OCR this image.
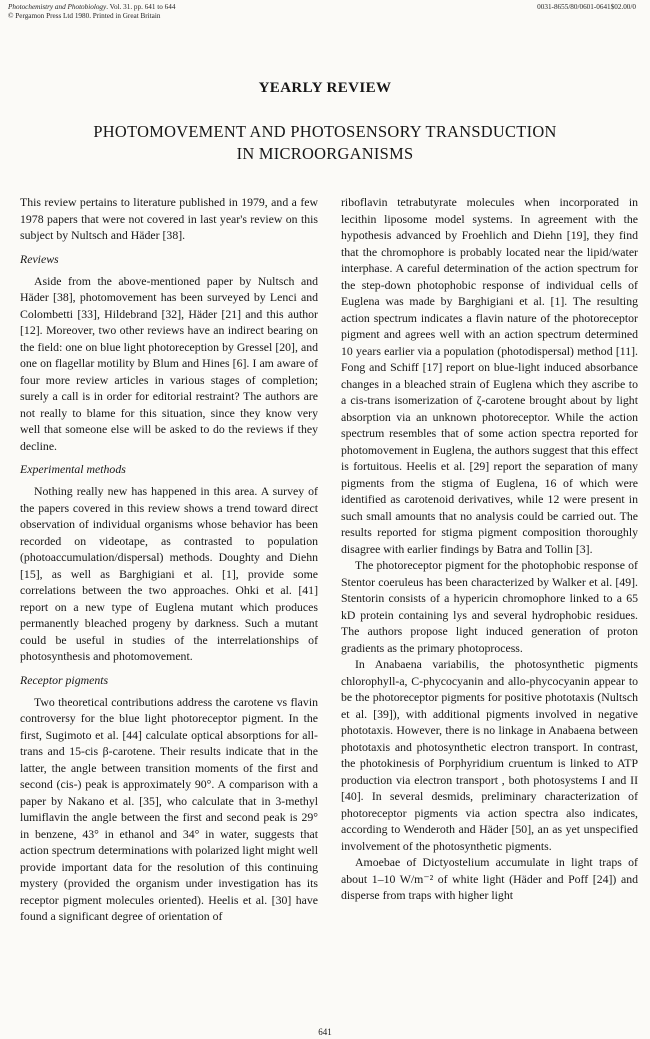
Photochemistry and Photobiology. Vol. 31. pp. 641 to 644
© Pergamon Press Ltd 1980. Printed in Great Britain
0031-8655/80/0601-0641$02.00/0
YEARLY REVIEW
PHOTOMOVEMENT AND PHOTOSENSORY TRANSDUCTION
IN MICROORGANISMS

This review pertains to literature published in 1979, and a few 1978 papers that were not covered in last year's review on this subject by Nultsch and Häder [38].

Reviews

Aside from the above-mentioned paper by Nultsch and Häder [38], photomovement has been surveyed by Lenci and Colombetti [33], Hildebrand [32], Häder [21] and this author [12]. Moreover, two other reviews have an indirect bearing on the field: one on blue light photoreception by Gressel [20], and one on flagellar motility by Blum and Hines [6]. I am aware of four more review articles in various stages of completion; surely a call is in order for editorial restraint? The authors are not really to blame for this situation, since they know very well that someone else will be asked to do the reviews if they decline.

Experimental methods

Nothing really new has happened in this area. A survey of the papers covered in this review shows a trend toward direct observation of individual organisms whose behavior has been recorded on videotape, as contrasted to population (photoaccumulation/dispersal) methods. Doughty and Diehn [15], as well as Barghigiani et al. [1], provide some correlations between the two approaches. Ohki et al. [41] report on a new type of Euglena mutant which produces permanently bleached progeny by darkness. Such a mutant could be useful in studies of the interrelationships of photosynthesis and photomovement.

Receptor pigments

Two theoretical contributions address the carotene vs flavin controversy for the blue light photoreceptor pigment. In the first, Sugimoto et al. [44] calculate optical absorptions for all-trans and 15-cis β-carotene. Their results indicate that in the latter, the angle between transition moments of the first and second (cis-) peak is approximately 90°. A comparison with a paper by Nakano et al. [35], who calculate that in 3-methyl lumiflavin the angle between the first and second peak is 29° in benzene, 43° in ethanol and 34° in water, suggests that action spectrum determinations with polarized light might well provide important data for the resolution of this continuing mystery (provided the organism under investigation has its receptor pigment molecules oriented). Heelis et al. [30] have found a significant degree of orientation of

riboflavin tetrabutyrate molecules when incorporated in lecithin liposome model systems. In agreement with the hypothesis advanced by Froehlich and Diehn [19], they find that the chromophore is probably located near the lipid/water interphase. A careful determination of the action spectrum for the step-down photophobic response of individual cells of Euglena was made by Barghigiani et al. [1]. The resulting action spectrum indicates a flavin nature of the photoreceptor pigment and agrees well with an action spectrum determined 10 years earlier via a population (photodispersal) method [11]. Fong and Schiff [17] report on blue-light induced absorbance changes in a bleached strain of Euglena which they ascribe to a cis-trans isomerization of ζ-carotene brought about by light absorption via an unknown photoreceptor. While the action spectrum resembles that of some action spectra reported for photomovement in Euglena, the authors suggest that this effect is fortuitous. Heelis et al. [29] report the separation of many pigments from the stigma of Euglena, 16 of which were identified as carotenoid derivatives, while 12 were present in such small amounts that no analysis could be carried out. The results reported for stigma pigment composition thoroughly disagree with earlier findings by Batra and Tollin [3].

The photoreceptor pigment for the photophobic response of Stentor coeruleus has been characterized by Walker et al. [49]. Stentorin consists of a hypericin chromophore linked to a 65 kD protein containing lys and several hydrophobic residues. The authors propose light induced generation of proton gradients as the primary photoprocess.

In Anabaena variabilis, the photosynthetic pigments chlorophyll-a, C-phycocyanin and allo-phycocyanin appear to be the photoreceptor pigments for positive phototaxis (Nultsch et al. [39]), with additional pigments involved in negative phototaxis. However, there is no linkage in Anabaena between phototaxis and photosynthetic electron transport. In contrast, the photokinesis of Porphyridium cruentum is linked to ATP production via electron transport , both photosystems I and II [40]. In several desmids, preliminary characterization of photoreceptor pigments via action spectra also indicates, according to Wenderoth and Häder [50], an as yet unspecified involvement of the photosynthetic pigments.

Amoebae of Dictyostelium accumulate in light traps of about 1–10 W/m⁻² of white light (Häder and Poff [24]) and disperse from traps with higher light

641
